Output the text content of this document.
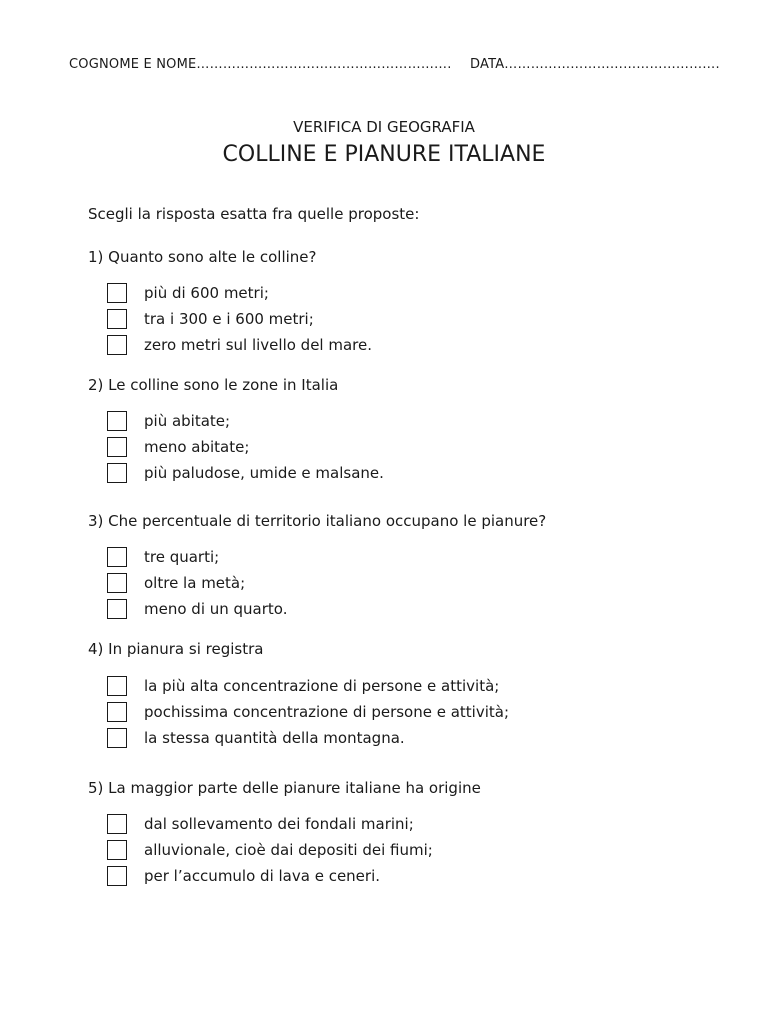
COGNOME E NOME…………………………………………………. DATA………………………………………….
VERIFICA DI GEOGRAFIA
COLLINE E PIANURE ITALIANE
Scegli la risposta esatta fra quelle proposte:
1) Quanto sono alte le colline?
più di 600 metri;
tra i 300 e i 600 metri;
zero metri sul livello del mare.
2) Le colline sono le zone in Italia
più abitate;
meno abitate;
più paludose, umide e malsane.
3) Che percentuale di territorio italiano occupano le pianure?
tre quarti;
oltre la metà;
meno di un quarto.
4) In pianura si registra
la più alta concentrazione di persone e attività;
pochissima concentrazione di persone e attività;
la stessa quantità della montagna.
5) La maggior parte delle pianure italiane ha origine
dal sollevamento dei fondali marini;
alluvionale, cioè dai depositi dei fiumi;
per l’accumulo di lava e ceneri.
